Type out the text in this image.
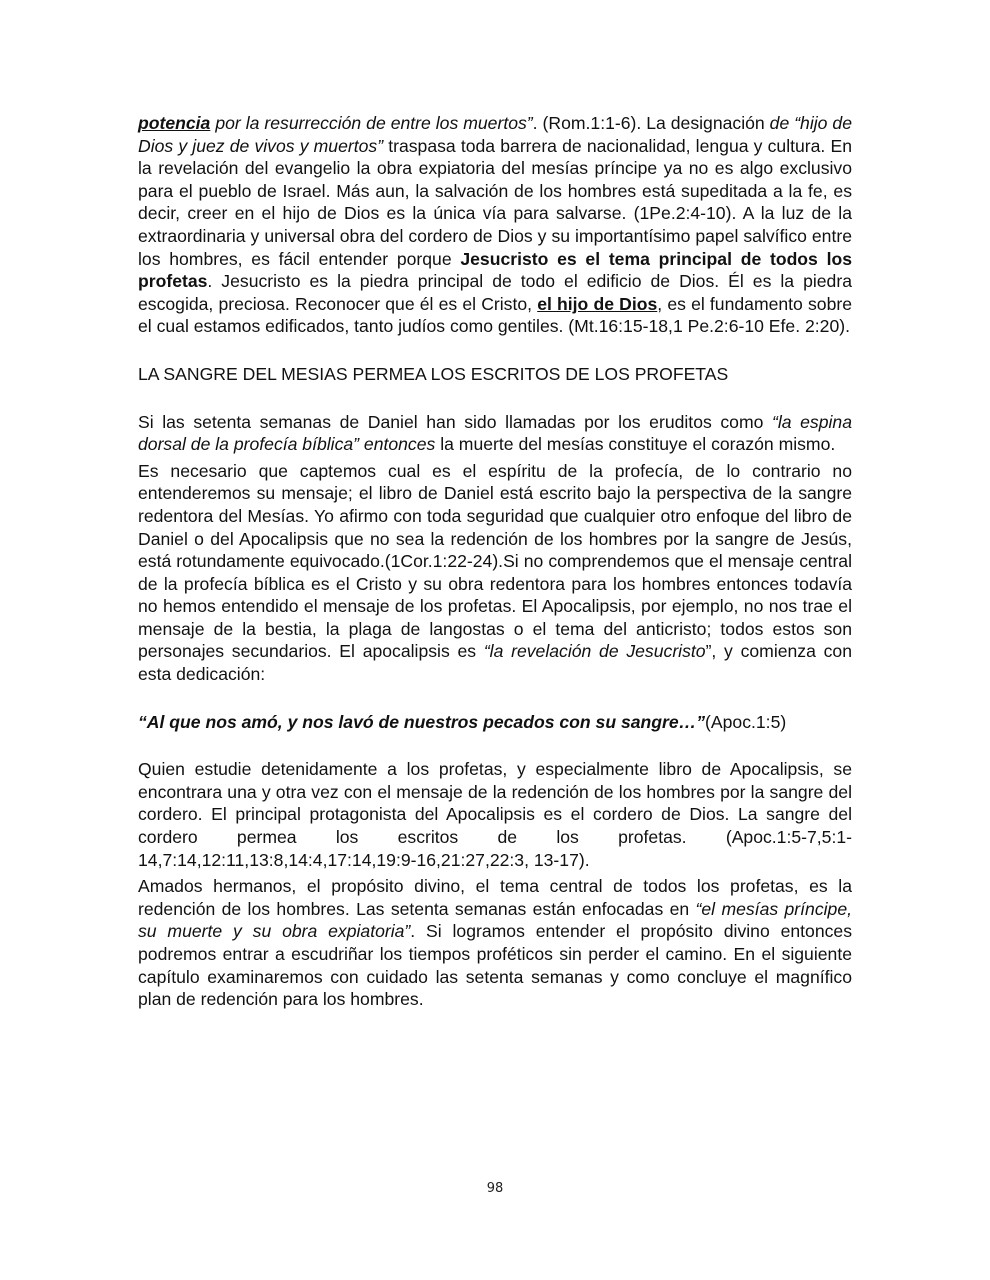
potencia por la resurrección de entre los muertos”. (Rom.1:1-6). La designación de “hijo de Dios y juez de vivos y muertos” traspasa toda barrera de nacionalidad, lengua y cultura. En la revelación del evangelio la obra expiatoria del mesías príncipe ya no es algo exclusivo para el pueblo de Israel. Más aun, la salvación de los hombres está supeditada a la fe, es decir, creer en el hijo de Dios es la única vía para salvarse. (1Pe.2:4-10). A la luz de la extraordinaria y universal obra del cordero de Dios y su importantísimo papel salvífico entre los hombres, es fácil entender porque Jesucristo es el tema principal de todos los profetas. Jesucristo es la piedra principal de todo el edificio de Dios. Él es la piedra escogida, preciosa. Reconocer que él es el Cristo, el hijo de Dios, es el fundamento sobre el cual estamos edificados, tanto judíos como gentiles. (Mt.16:15-18,1 Pe.2:6-10 Efe. 2:20).

LA SANGRE DEL MESIAS PERMEA LOS ESCRITOS DE LOS PROFETAS

Si las setenta semanas de Daniel han sido llamadas por los eruditos como “la espina dorsal de la profecía bíblica” entonces la muerte del mesías constituye el corazón mismo.

Es necesario que captemos cual es el espíritu de la profecía, de lo contrario no entenderemos su mensaje; el libro de Daniel está escrito bajo la perspectiva de la sangre redentora del Mesías. Yo afirmo con toda seguridad que cualquier otro enfoque del libro de Daniel o del Apocalipsis que no sea la redención de los hombres por la sangre de Jesús, está rotundamente equivocado.(1Cor.1:22-24).Si no comprendemos que el mensaje central de la profecía bíblica es el Cristo y su obra redentora para los hombres entonces todavía no hemos entendido el mensaje de los profetas. El Apocalipsis, por ejemplo, no nos trae el mensaje de la bestia, la plaga de langostas o el tema del anticristo; todos estos son personajes secundarios. El apocalipsis es “la revelación de Jesucristo”, y comienza con esta dedicación:

“Al que nos amó, y nos lavó de nuestros pecados con su sangre…”(Apoc.1:5)

Quien estudie detenidamente a los profetas, y especialmente libro de Apocalipsis, se encontrara una y otra vez con el mensaje de la redención de los hombres por la sangre del cordero. El principal protagonista del Apocalipsis es el cordero de Dios. La sangre del cordero permea los escritos de los profetas. (Apoc.1:5-7,5:1-14,7:14,12:11,13:8,14:4,17:14,19:9-16,21:27,22:3, 13-17).

Amados hermanos, el propósito divino, el tema central de todos los profetas, es la redención de los hombres. Las setenta semanas están enfocadas en “el mesías príncipe, su muerte y su obra expiatoria”. Si logramos entender el propósito divino entonces podremos entrar a escudriñar los tiempos proféticos sin perder el camino. En el siguiente capítulo examinaremos con cuidado las setenta semanas y como concluye el magnífico plan de redención para los hombres.

98
